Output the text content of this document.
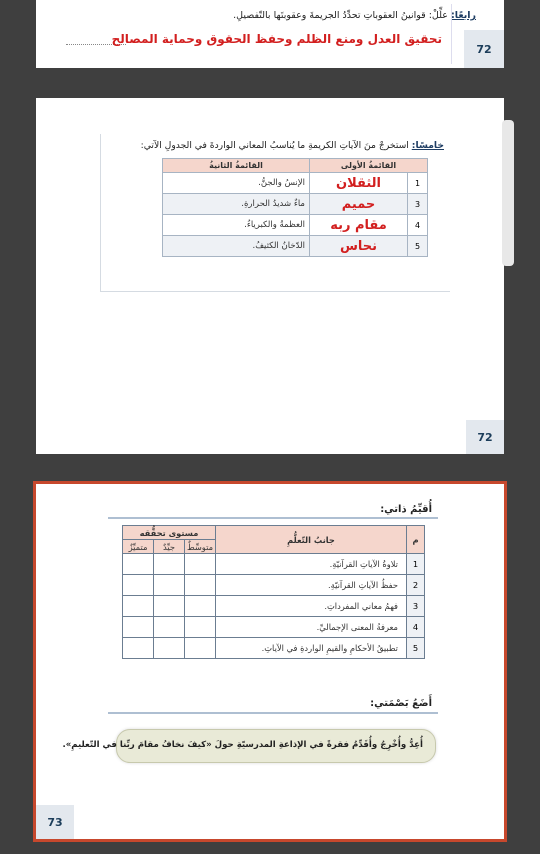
رابعًا: علِّلْ: قوانينُ العقوباتِ تحدِّدُ الجريمةَ وعقوبتَها بالتّفصيلِ.
تحقيق العدل ومنع الظلم وحفظ الحقوق وحماية المصالح
72
خامسًا: استخرجْ منَ الآياتِ الكريمةِ ما يُناسبُ المعاني الواردةَ في الجدولِ الآتي:
القائمةُ الأولى		القائمةُ الثانيةُ
1	الثقلان	الإنسُ والجنُّ.
3	حميم	ماءٌ شديدُ الحرارةِ.
4	مقام ربه	العظمةُ والكبرياءُ.
5	نحاس	الدّخانُ الكثيفُ.
72
أُقيِّمُ ذاتي:
م	جانبُ التّعلُّمِ	مستوى تحقُّقه		
		متوسِّطٌ	جيِّدٌ	متميِّزٌ
1	تلاوةُ الآياتِ القرآنيّةِ.			
2	حفظُ الآياتِ القرآنيّةِ.			
3	فهمُ معاني المفرداتِ.			
4	معرفةُ المعنى الإجماليِّ.			
5	تطبيقُ الأحكامِ والقيمِ الواردةِ في الآياتِ.			
أَضَعُ بَصْمَتي:
أُعِدُّ وأُخْرِجُ وأُقَدِّمُ فقرةً في الإذاعةِ المدرسيّةِ حولَ «كيفَ نخافُ مقامَ ربِّنا في التّعليمِ».
73
